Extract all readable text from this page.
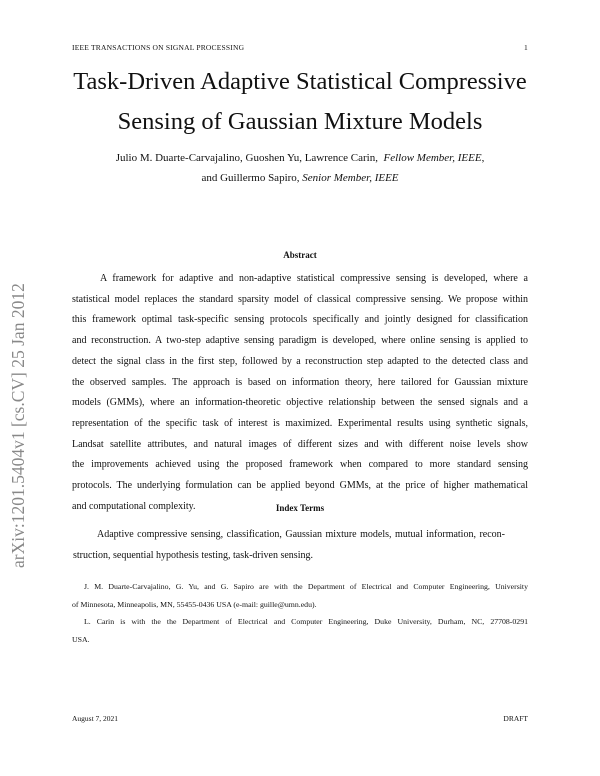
IEEE TRANSACTIONS ON SIGNAL PROCESSING	1
Task-Driven Adaptive Statistical Compressive
Sensing of Gaussian Mixture Models
Julio M. Duarte-Carvajalino, Guoshen Yu, Lawrence Carin, Fellow Member, IEEE,
and Guillermo Sapiro, Senior Member, IEEE
arXiv:1201.5404v1 [cs.CV] 25 Jan 2012
Abstract
A framework for adaptive and non-adaptive statistical compressive sensing is developed, where a
statistical model replaces the standard sparsity model of classical compressive sensing. We propose within
this framework optimal task-specific sensing protocols specifically and jointly designed for classification
and reconstruction. A two-step adaptive sensing paradigm is developed, where online sensing is applied to
detect the signal class in the first step, followed by a reconstruction step adapted to the detected class and
the observed samples. The approach is based on information theory, here tailored for Gaussian mixture
models (GMMs), where an information-theoretic objective relationship between the sensed signals and a
representation of the specific task of interest is maximized. Experimental results using synthetic signals,
Landsat satellite attributes, and natural images of different sizes and with different noise levels show
the improvements achieved using the proposed framework when compared to more standard sensing
protocols. The underlying formulation can be applied beyond GMMs, at the price of higher mathematical
and computational complexity.	Index Terms
Adaptive compressive sensing, classification, Gaussian mixture models, mutual information, recon-
struction, sequential hypothesis testing, task-driven sensing.
J. M. Duarte-Carvajalino, G. Yu, and G. Sapiro are with the Department of Electrical and Computer Engineering, University
of Minnesota, Minneapolis, MN, 55455-0436 USA (e-mail: guille@umn.edu).
L. Carin is with the the Department of Electrical and Computer Engineering, Duke University, Durham, NC, 27708-0291
USA.
August 7, 2021	DRAFT
